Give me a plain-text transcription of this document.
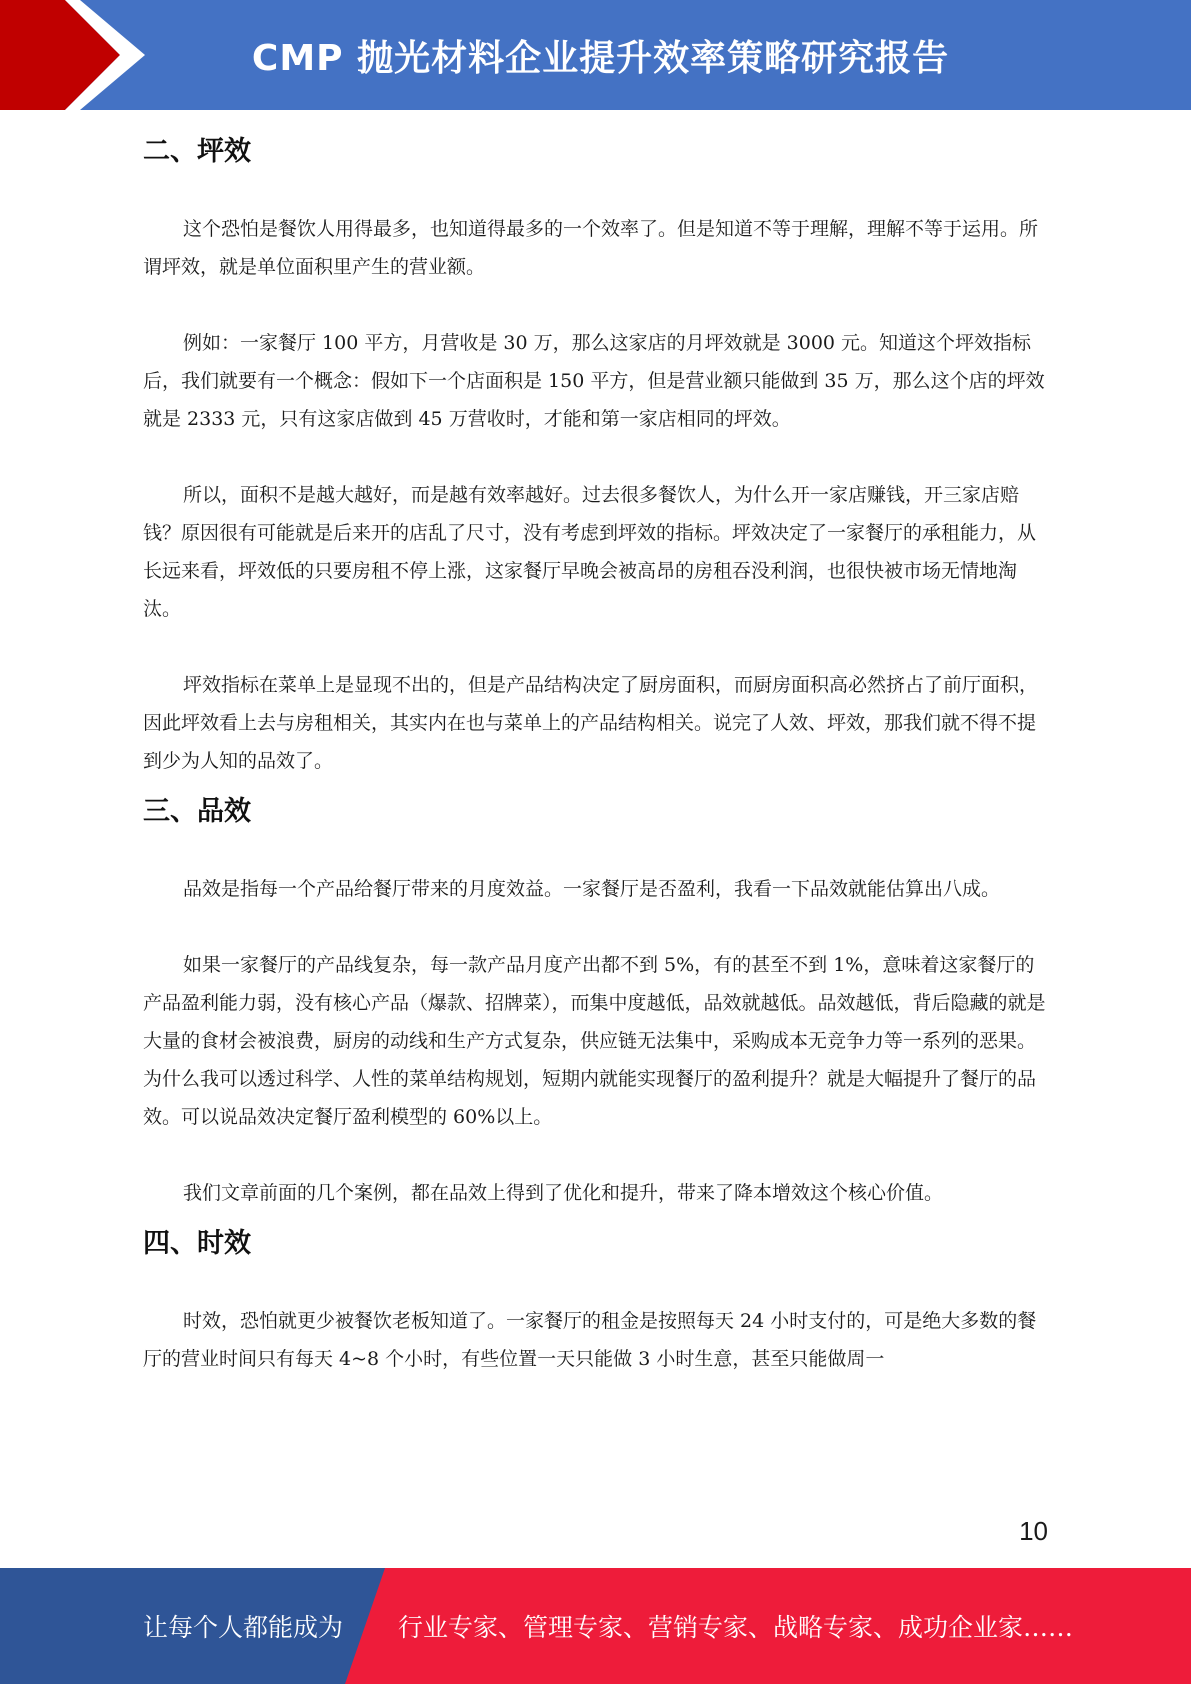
CMP 抛光材料企业提升效率策略研究报告
二、坪效

这个恐怕是餐饮人用得最多，也知道得最多的一个效率了。但是知道不等于理解，理解不等于运用。所谓坪效，就是单位面积里产生的营业额。

例如：一家餐厅 100 平方，月营收是 30 万，那么这家店的月坪效就是 3000 元。知道这个坪效指标后，我们就要有一个概念：假如下一个店面积是 150 平方，但是营业额只能做到 35 万，那么这个店的坪效就是 2333 元，只有这家店做到 45 万营收时，才能和第一家店相同的坪效。

所以，面积不是越大越好，而是越有效率越好。过去很多餐饮人，为什么开一家店赚钱，开三家店赔钱？原因很有可能就是后来开的店乱了尺寸，没有考虑到坪效的指标。坪效决定了一家餐厅的承租能力，从长远来看，坪效低的只要房租不停上涨，这家餐厅早晚会被高昂的房租吞没利润，也很快被市场无情地淘汰。

坪效指标在菜单上是显现不出的，但是产品结构决定了厨房面积，而厨房面积高必然挤占了前厅面积，因此坪效看上去与房租相关，其实内在也与菜单上的产品结构相关。说完了人效、坪效，那我们就不得不提到少为人知的品效了。

三、品效

品效是指每一个产品给餐厅带来的月度效益。一家餐厅是否盈利，我看一下品效就能估算出八成。

如果一家餐厅的产品线复杂，每一款产品月度产出都不到 5%，有的甚至不到 1%，意味着这家餐厅的产品盈利能力弱，没有核心产品（爆款、招牌菜），而集中度越低，品效就越低。品效越低，背后隐藏的就是大量的食材会被浪费，厨房的动线和生产方式复杂，供应链无法集中，采购成本无竞争力等一系列的恶果。为什么我可以透过科学、人性的菜单结构规划，短期内就能实现餐厅的盈利提升？就是大幅提升了餐厅的品效。可以说品效决定餐厅盈利模型的 60%以上。

我们文章前面的几个案例，都在品效上得到了优化和提升，带来了降本增效这个核心价值。

四、时效

时效，恐怕就更少被餐饮老板知道了。一家餐厅的租金是按照每天 24 小时支付的，可是绝大多数的餐厅的营业时间只有每天 4~8 个小时，有些位置一天只能做 3 小时生意，甚至只能做周一

10
让每个人都能成为 行业专家、管理专家、营销专家、战略专家、成功企业家……
